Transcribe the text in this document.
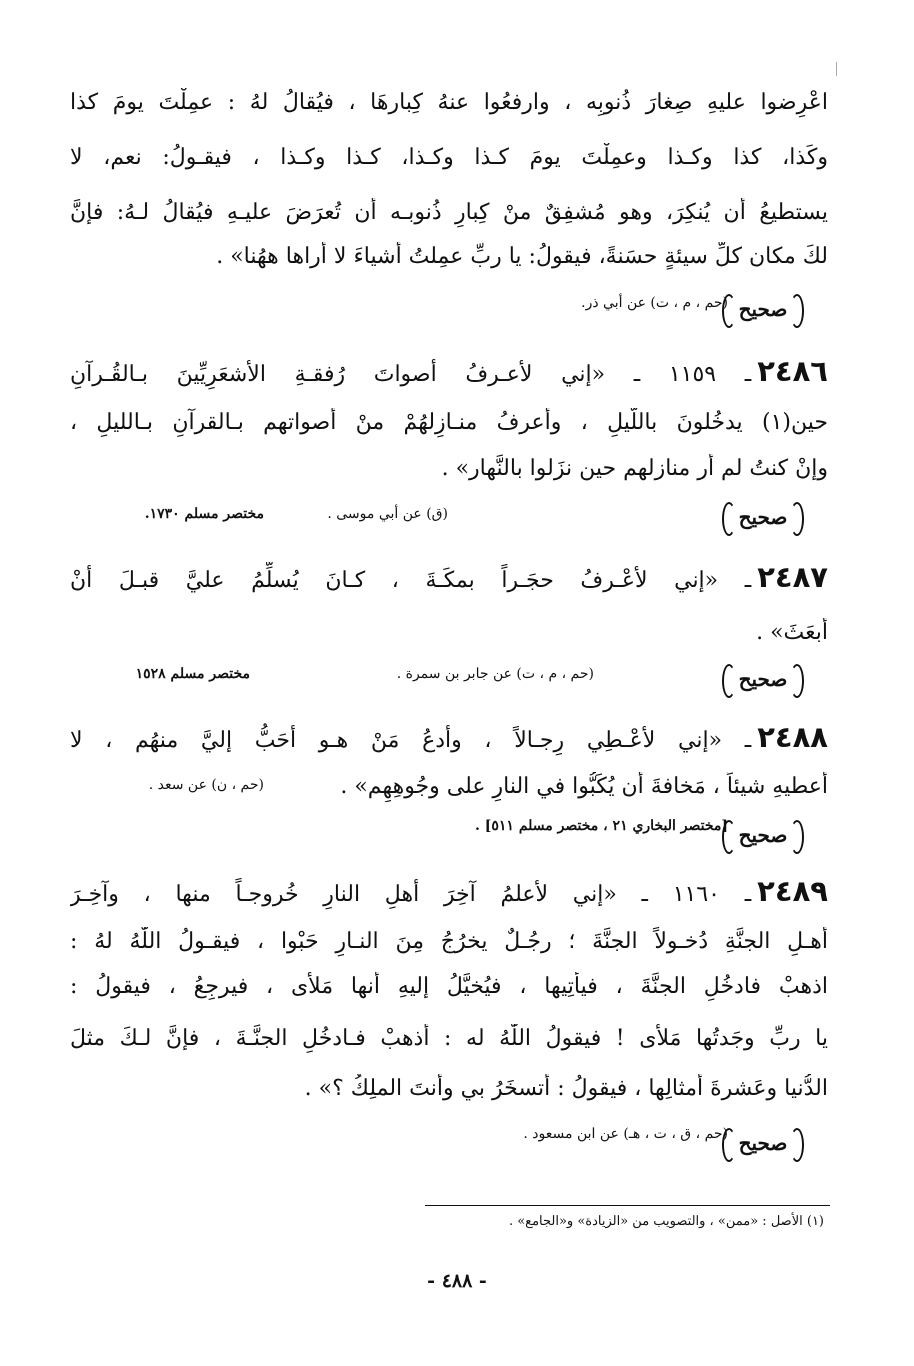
اعْرِضوا عليهِ صِغارَ ذُنوبِه ، وارفعُوا عنهُ كِبارهَا ، فيُقالُ لهُ : عمِلْتَ يومَ كذا
وكَذا، كذا وكـذا وعمِلْتَ يومَ كـذا وكـذا، كـذا وكـذا ، فيقـولُ: نعم، لا
يستطيعُ أن يُنكِرَ، وهو مُشفِقٌ منْ كِبارِ ذُنوبـه أن تُعرَضَ عليـهِ فيُقالُ لـهُ: فإنَّ
لكَ مكان كلِّ سيئةٍ حسَنةً، فيقولُ: يا ربِّ عمِلتُ أشياءَ لا أراها ههُنا» .
(حم ، م ، ت) عن أبي ذر. صحيح
٢٤٨٦ـ ١١٥٩ ـ «إني لأعـرفُ أصواتَ رُفقـةِ الأشعَرِيِّينَ بـالقُـرآنِ
حين(١) يدخُلونَ باللَّيلِ ، وأعرفُ منـازِلهُمْ منْ أصواتهم بـالقرآنِ بـالليلِ ،
وإنْ كنتُ لم أر منازلهم حين نزَلوا بالنَّهار» .
(ق) عن أبي موسى .
مختصر مسلم ١٧٣٠.	صحيح
٢٤٨٧ـ «إني لأعْـرفُ حجَـراً بمكَـةَ ، كـانَ يُسلِّمُ عليَّ قبـلَ أنْ
أُبعَثَ» .
(حم ، م ، ت) عن جابر بن سمرة .
مختصر مسلم ١٥٢٨	صحيح
٢٤٨٨ـ «إني لأعْـطِي رِجـالاً ، وأدعُ مَنْ هـو أحَبُّ إليَّ منهُم ، لا
أعطيهِ شيئاً ، مَخافةَ أن يُكَبُّوا في النارِ على وجُوهِهِم» .
(حم ، ن) عن سعد .
[مختصر البخاري ٢١ ، مختصر مسلم ٥١١] . صحيح
٢٤٨٩ـ ١١٦٠ ـ «إني لأعلمُ آخِرَ أهلِ النارِ خُروجـاً منها ، وآخِـرَ
أهـلِ الجنَّةِ دُخـولاً الجنَّةَ ؛ رجُـلٌ يخرُجُ مِنَ النـارِ حَبْوا ، فيقـولُ اللّٰهُ لهُ :
اذهبْ فادخُلِ الجنَّةَ ، فيأتِيها ، فيُخيَّلُ إليهِ أنها مَلأى ، فيرجِعُ ، فيقولُ :
يا ربِّ وجَدتُها مَلأى ! فيقولُ اللّٰهُ له : أذهبْ فـادخُلِ الجنَّـةَ ، فإنَّ لـكَ مثلَ
الدُّنيا وعَشرةَ أمثالِها ، فيقولُ : أتسخَرُ بي وأنتَ الملِكُ ؟» .
(حم ، ق ، ت ، هـ) عن ابن مسعود . صحيح
(١) الأصل : «ممن» ، والتصويب من «الزيادة» و«الجامع» .
- ٤٨٨ -
